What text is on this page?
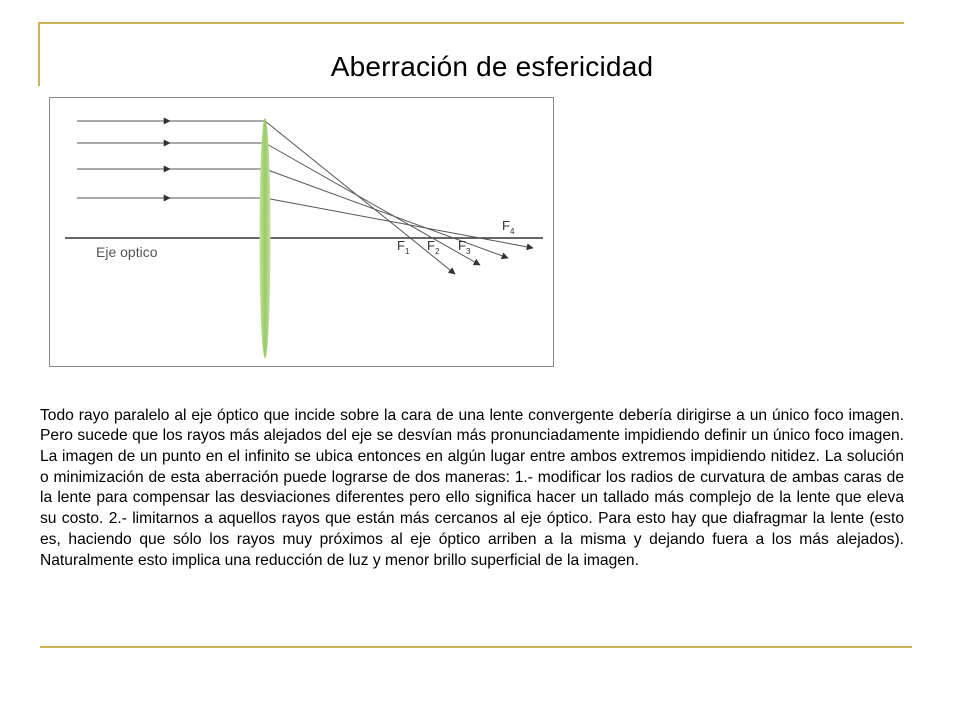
Aberración de esfericidad
Eje optico	$F_1$ $F_2$ $F_3$
$F_4$

Todo rayo paralelo al eje óptico que incide sobre la cara de una lente convergente debería dirigirse a un único foco imagen. Pero sucede que los rayos más alejados del eje se desvían más pronunciadamente impidiendo definir un único foco imagen. La imagen de un punto en el infinito se ubica entonces en algún lugar entre ambos extremos impidiendo nitidez. La solución o minimización de esta aberración puede lograrse de dos maneras: 1.- modificar los radios de curvatura de ambas caras de la lente para compensar las desviaciones diferentes pero ello significa hacer un tallado más complejo de la lente que eleva su costo. 2.- limitarnos a aquellos rayos que están más cercanos al eje óptico. Para esto hay que diafragmar la lente (esto es, haciendo que sólo los rayos muy próximos al eje óptico arriben a la misma y dejando fuera a los más alejados). Naturalmente esto implica una reducción de luz y menor brillo superficial de la imagen.
